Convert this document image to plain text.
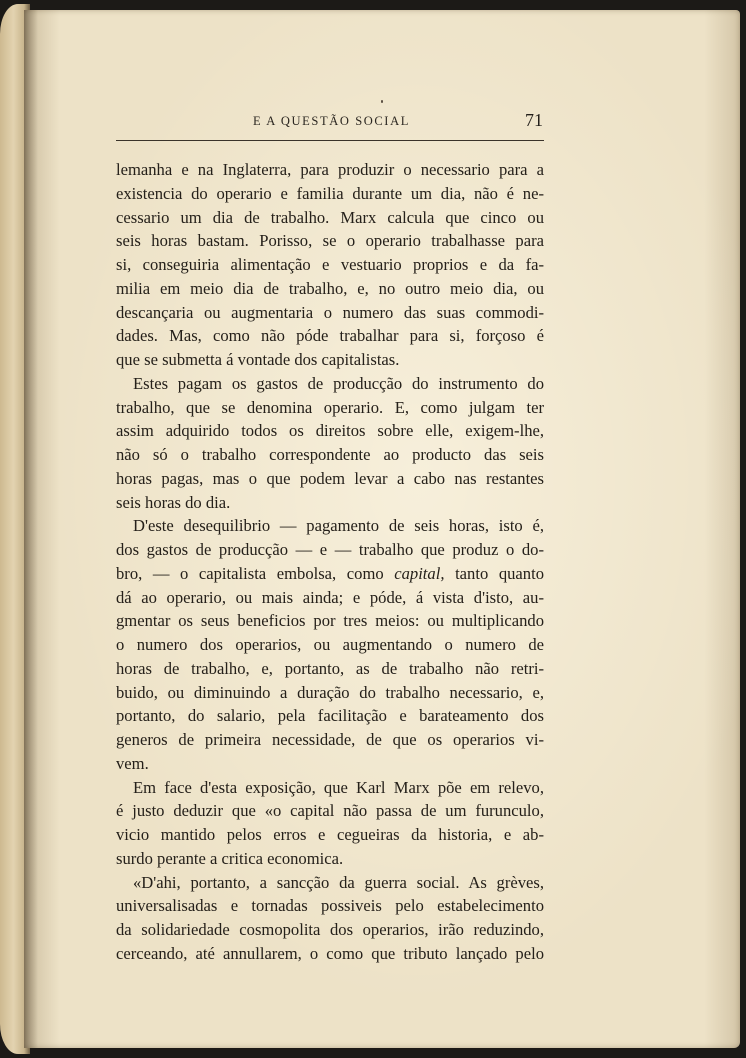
E A QUESTÃO SOCIAL	71
lemanha e na Inglaterra, para produzir o necessario para a
existencia do operario e familia durante um dia, não é ne-
cessario um dia de trabalho. Marx calcula que cinco ou
seis horas bastam. Porisso, se o operario trabalhasse para
si, conseguiria alimentação e vestuario proprios e da fa-
milia em meio dia de trabalho, e, no outro meio dia, ou
descançaria ou augmentaria o numero das suas commodi-
dades. Mas, como não póde trabalhar para si, forçoso é
que se submetta á vontade dos capitalistas.
Estes pagam os gastos de producção do instrumento do
trabalho, que se denomina operario. E, como julgam ter
assim adquirido todos os direitos sobre elle, exigem-lhe,
não só o trabalho correspondente ao producto das seis
horas pagas, mas o que podem levar a cabo nas restantes
seis horas do dia.
D'este desequilibrio — pagamento de seis horas, isto é,
dos gastos de producção — e — trabalho que produz o do-
bro, — o capitalista embolsa, como capital, tanto quanto
dá ao operario, ou mais ainda; e póde, á vista d'isto, au-
gmentar os seus beneficios por tres meios: ou multiplicando
o numero dos operarios, ou augmentando o numero de
horas de trabalho, e, portanto, as de trabalho não retri-
buido, ou diminuindo a duração do trabalho necessario, e,
portanto, do salario, pela facilitação e barateamento dos
generos de primeira necessidade, de que os operarios vi-
vem.
Em face d'esta exposição, que Karl Marx põe em relevo,
é justo deduzir que «o capital não passa de um furunculo,
vicio mantido pelos erros e cegueiras da historia, e ab-
surdo perante a critica economica.
«D'ahi, portanto, a sancção da guerra social. As grèves,
universalisadas e tornadas possiveis pelo estabelecimento
da solidariedade cosmopolita dos operarios, irão reduzindo,
cerceando, até annullarem, o como que tributo lançado pelo
